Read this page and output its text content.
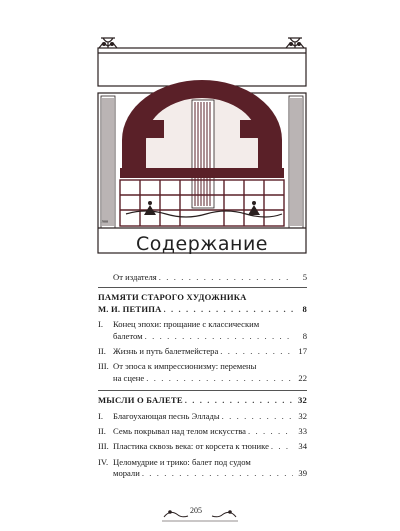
1900
Содержание
От издателя . . .	5
ПАМЯТИ СТАРОГО ХУДОЖНИКА
М. И. ПЕТИПА . . .	8
I.	Конец эпохи: прощание с классическим
балетом . . .	8
II. Жизнь и путь балетмейстера . . .	17
III. От эпоса к импрессионизму: перемены
на сцене . . .	22
МЫСЛИ О БАЛЕТЕ . . .	32
I.	Благоухающая песнь Эллады . . .	32
II. Семь покрывал над телом искусства . . .	33
III. Пластика сквозь века: от корсета к тюнике . . .	34
IV. Целомудрие и трико: балет под судом
морали . . .	39
205
